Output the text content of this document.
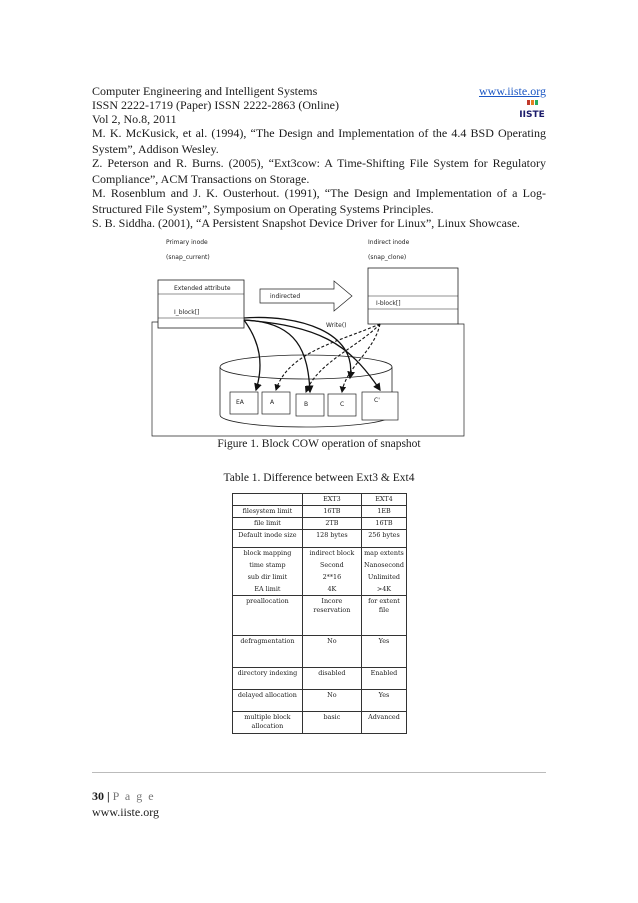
Computer Engineering and Intelligent Systems
ISSN 2222-1719 (Paper) ISSN 2222-2863 (Online)
Vol 2, No.8, 2011
www.iiste.org
IISTE
M. K. McKusick, et al. (1994), “The Design and Implementation of the 4.4 BSD Operating System”, Addison Wesley.
Z. Peterson and R. Burns. (2005), “Ext3cow: A Time-Shifting File System for Regulatory Compliance”, ACM Transactions on Storage.
M. Rosenblum and J. K. Ousterhout. (1991), “The Design and Implementation of a Log-Structured File System”, Symposium on Operating Systems Principles.
S. B. Siddha. (2001), “A Persistent Snapshot Device Driver for Linux”, Linux Showcase.
Primary inode
(snap_current)
Indirect inode
(snap_clone)
Extended attribute
I_block[]
I-block[]
indirected
Write()
EA	A	B	C
C'
Figure 1. Block COW operation of snapshot
Table 1. Difference between Ext3 & Ext4
	EXT3	EXT4
filesystem limit	16TB	1EB
file limit	2TB	16TB
Default inode size	128 bytes	256 bytes
block mapping	indirect block	map extents
time stamp	Second	Nanosecond
sub dir limit	2**16	Unlimited
EA limit	4K	>4K
preallocation	Incore reservation	for extent file
defragmentation	No	Yes
directory indexing	disabled	Enabled
delayed allocation	No	Yes
multiple block allocation	basic	Advanced
30 | P a g e
www.iiste.org
